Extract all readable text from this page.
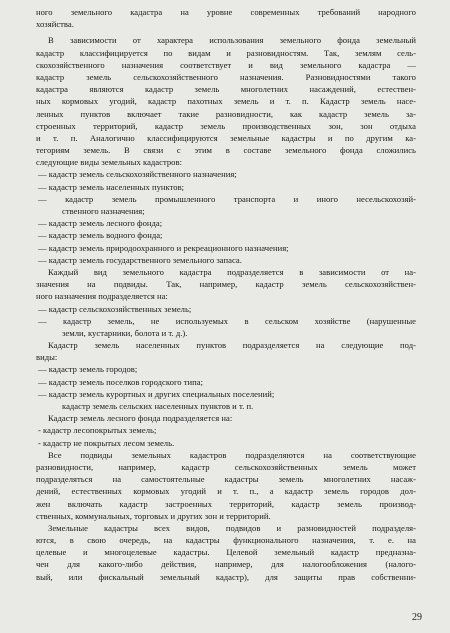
ного земельного кадастра на уровне современных требований народного
хозяйства.
В зависимости от характера использования земельного фонда земельный
кадастр классифицируется по видам и разновидностям. Так, землям сель-
скохозяйственного назначения соответствует и вид земельного кадастра —
кадастр земель сельскохозяйственного назначения. Разновидностями такого
кадастра являются кадастр земель многолетних насаждений, естествен-
ных кормовых угодий, кадастр пахотных земель и т. п. Кадастр земель насе-
ленных пунктов включает такие разновидности, как кадастр земель за-
строенных территорий, кадастр земель производственных зон, зон отдыха
и т. п. Аналогично классифицируются земельные кадастры и по другим ка-
тегориям земель. В связи с этим в составе земельного фонда сложились
следующие виды земельных кадастров:
— кадастр земель сельскохозяйственного назначения;
— кадастр земель населенных пунктов;
— кадастр земель промышленного транспорта и иного несельскохозяй-
ственного назначения;
— кадастр земель лесного фонда;
— кадастр земель водного фонда;
— кадастр земель природоохранного и рекреационного назначения;
— кадастр земель государственного земельного запаса.
Каждый вид земельного кадастра подразделяется в зависимости от на-
значения на подвиды. Так, например, кадастр земель сельскохозяйствен-
ного назначения подразделяется на:
— кадастр сельскохозяйственных земель;
— кадастр земель, не используемых в сельском хозяйстве (нарушенные
земли, кустарники, болота и т. д.).
Кадастр земель населенных пунктов подразделяется на следующие под-
виды:
— кадастр земель городов;
— кадастр земель поселков городского типа;
— кадастр земель курортных и других специальных поселений;
кадастр земель сельских населенных пунктов и т. п.
Кадастр земель лесного фонда подразделяется на:
- кадастр лесопокрытых земель;
- кадастр не покрытых лесом земель.
Все подвиды земельных кадастров подразделяются на соответствующие
разновидности, например, кадастр сельскохозяйственных земель может
подразделяться на самостоятельные кадастры земель многолетних насаж-
дений, естественных кормовых угодий и т. п., а кадастр земель городов дол-
жен включать кадастр застроенных территорий, кадастр земель производ-
ственных, коммунальных, торговых и других зон и территорий.
Земельные кадастры всех видов, подвидов и разновидностей подразделя-
ются, в свою очередь, на кадастры функционального назначения, т. е. на
целевые и многоцелевые кадастры. Целевой земельный кадастр предназна-
чен для какого-либо действия, например, для налогообложения (налого-
вый, или фискальный земельный кадастр), для защиты прав собственни-
29
